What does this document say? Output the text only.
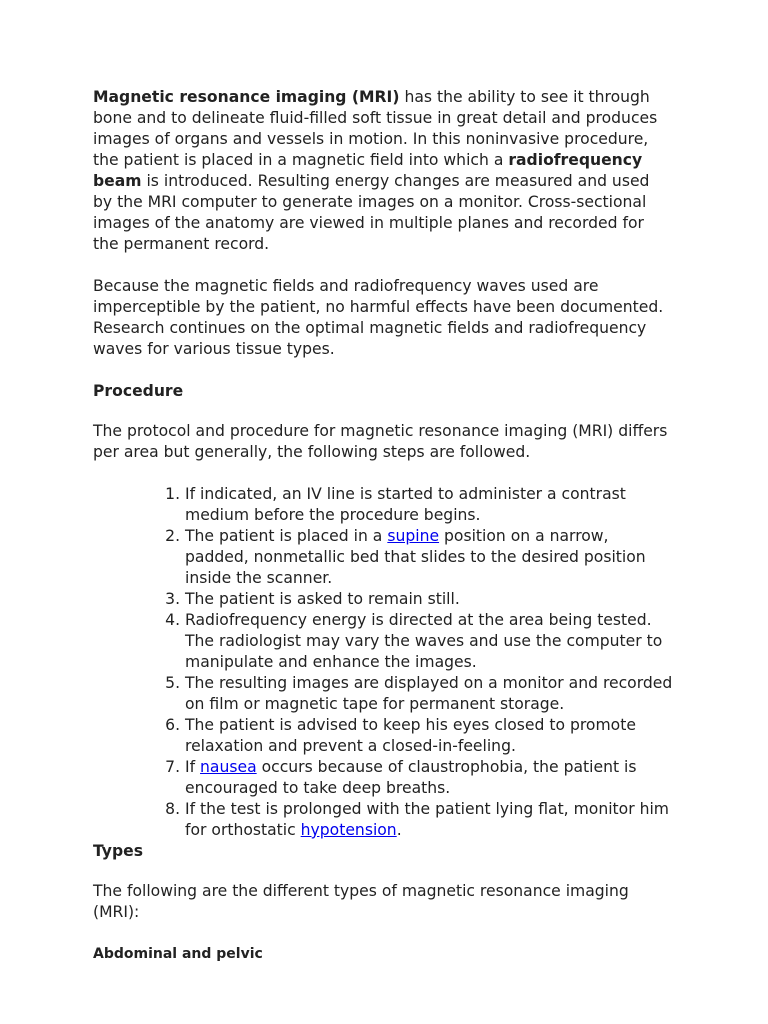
Magnetic resonance imaging (MRI) has the ability to see it through bone and to delineate fluid-filled soft tissue in great detail and produces images of organs and vessels in motion. In this noninvasive procedure, the patient is placed in a magnetic field into which a radiofrequency beam is introduced. Resulting energy changes are measured and used by the MRI computer to generate images on a monitor. Cross-sectional images of the anatomy are viewed in multiple planes and recorded for the permanent record.

Because the magnetic fields and radiofrequency waves used are imperceptible by the patient, no harmful effects have been documented. Research continues on the optimal magnetic fields and radiofrequency waves for various tissue types.

Procedure

The protocol and procedure for magnetic resonance imaging (MRI) differs per area but generally, the following steps are followed.

1. If indicated, an IV line is started to administer a contrast medium before the procedure begins.
2. The patient is placed in a supine position on a narrow, padded, nonmetallic bed that slides to the desired position inside the scanner.
3. The patient is asked to remain still.
4. Radiofrequency energy is directed at the area being tested. The radiologist may vary the waves and use the computer to manipulate and enhance the images.
5. The resulting images are displayed on a monitor and recorded on film or magnetic tape for permanent storage.
6. The patient is advised to keep his eyes closed to promote relaxation and prevent a closed-in-feeling.
7. If nausea occurs because of claustrophobia, the patient is encouraged to take deep breaths.
8. If the test is prolonged with the patient lying flat, monitor him for orthostatic hypotension.
Types

The following are the different types of magnetic resonance imaging (MRI):

Abdominal and pelvic
